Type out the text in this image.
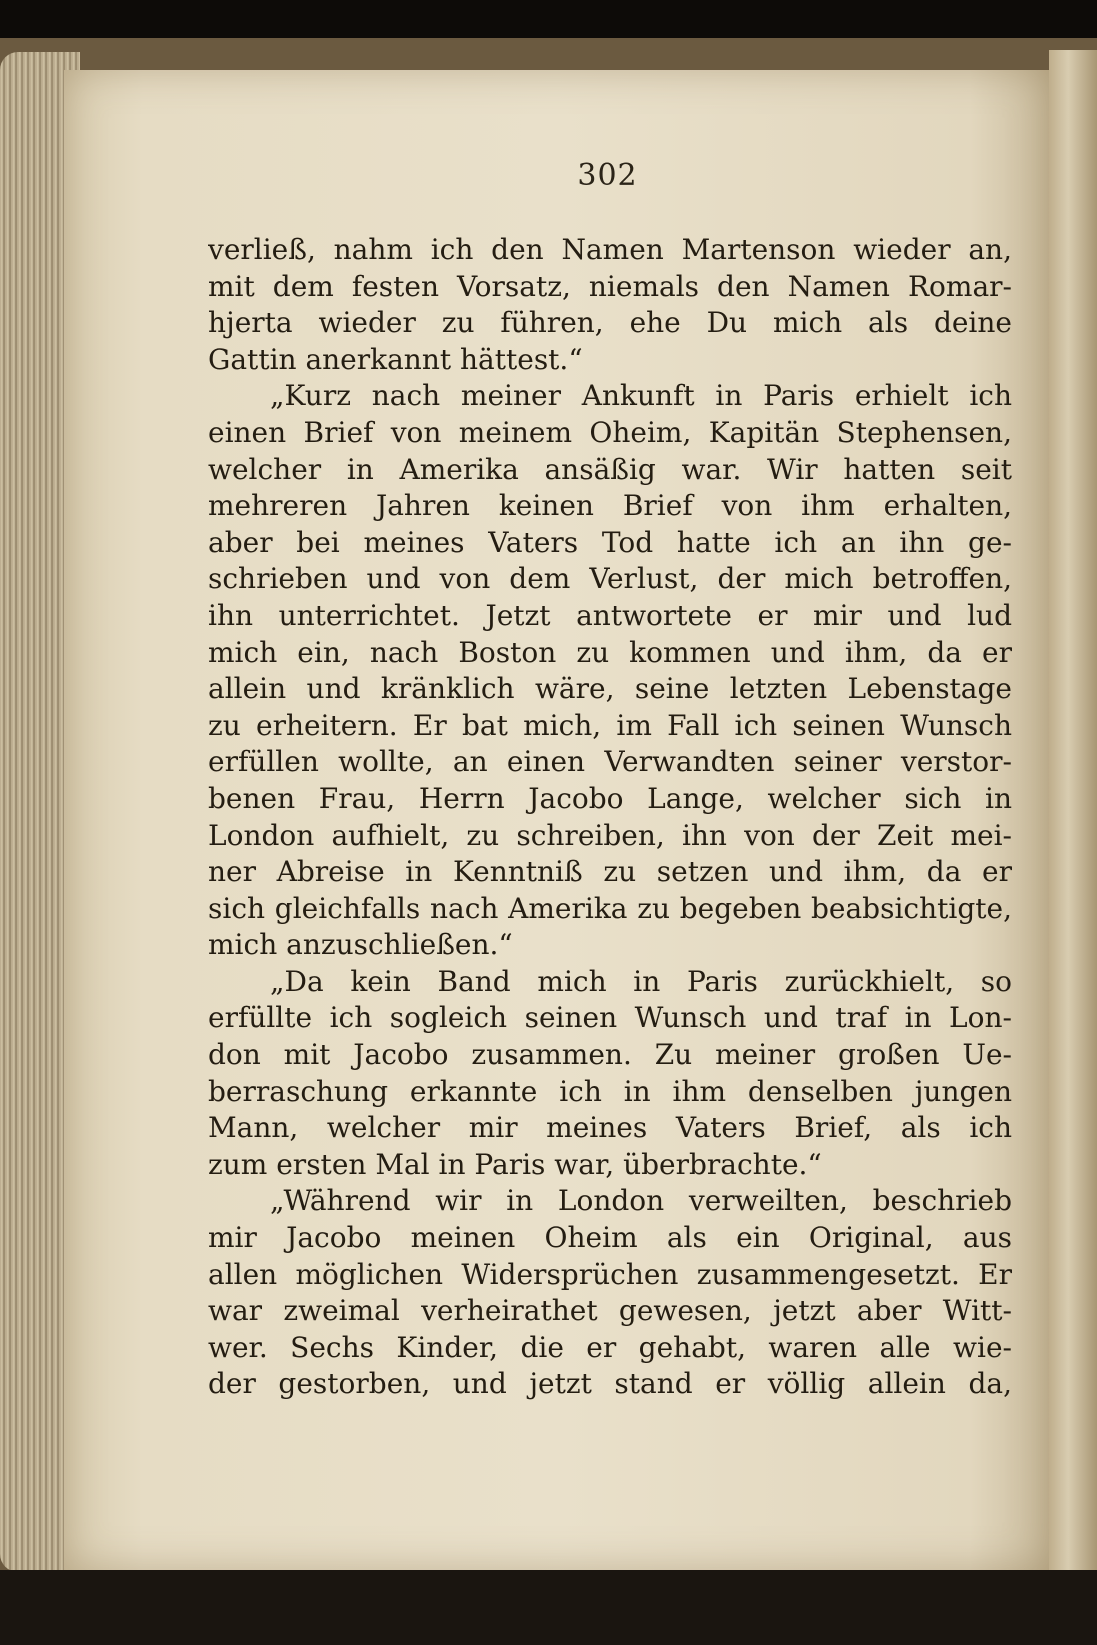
302
verließ, nahm ich den Namen Martenson wieder an,
mit dem festen Vorsatz, niemals den Namen Romar-
hjerta wieder zu führen, ehe Du mich als deine
Gattin anerkannt hättest.“
„Kurz nach meiner Ankunft in Paris erhielt ich
einen Brief von meinem Oheim, Kapitän Stephensen,
welcher in Amerika ansäßig war. Wir hatten seit
mehreren Jahren keinen Brief von ihm erhalten,
aber bei meines Vaters Tod hatte ich an ihn ge-
schrieben und von dem Verlust, der mich betroffen,
ihn unterrichtet. Jetzt antwortete er mir und lud
mich ein, nach Boston zu kommen und ihm, da er
allein und kränklich wäre, seine letzten Lebenstage
zu erheitern. Er bat mich, im Fall ich seinen Wunsch
erfüllen wollte, an einen Verwandten seiner verstor-
benen Frau, Herrn Jacobo Lange, welcher sich in
London aufhielt, zu schreiben, ihn von der Zeit mei-
ner Abreise in Kenntniß zu setzen und ihm, da er
sich gleichfalls nach Amerika zu begeben beabsichtigte,
mich anzuschließen.“
„Da kein Band mich in Paris zurückhielt, so
erfüllte ich sogleich seinen Wunsch und traf in Lon-
don mit Jacobo zusammen. Zu meiner großen Ue-
berraschung erkannte ich in ihm denselben jungen
Mann, welcher mir meines Vaters Brief, als ich
zum ersten Mal in Paris war, überbrachte.“
„Während wir in London verweilten, beschrieb
mir Jacobo meinen Oheim als ein Original, aus
allen möglichen Widersprüchen zusammengesetzt. Er
war zweimal verheirathet gewesen, jetzt aber Witt-
wer. Sechs Kinder, die er gehabt, waren alle wie-
der gestorben, und jetzt stand er völlig allein da,
